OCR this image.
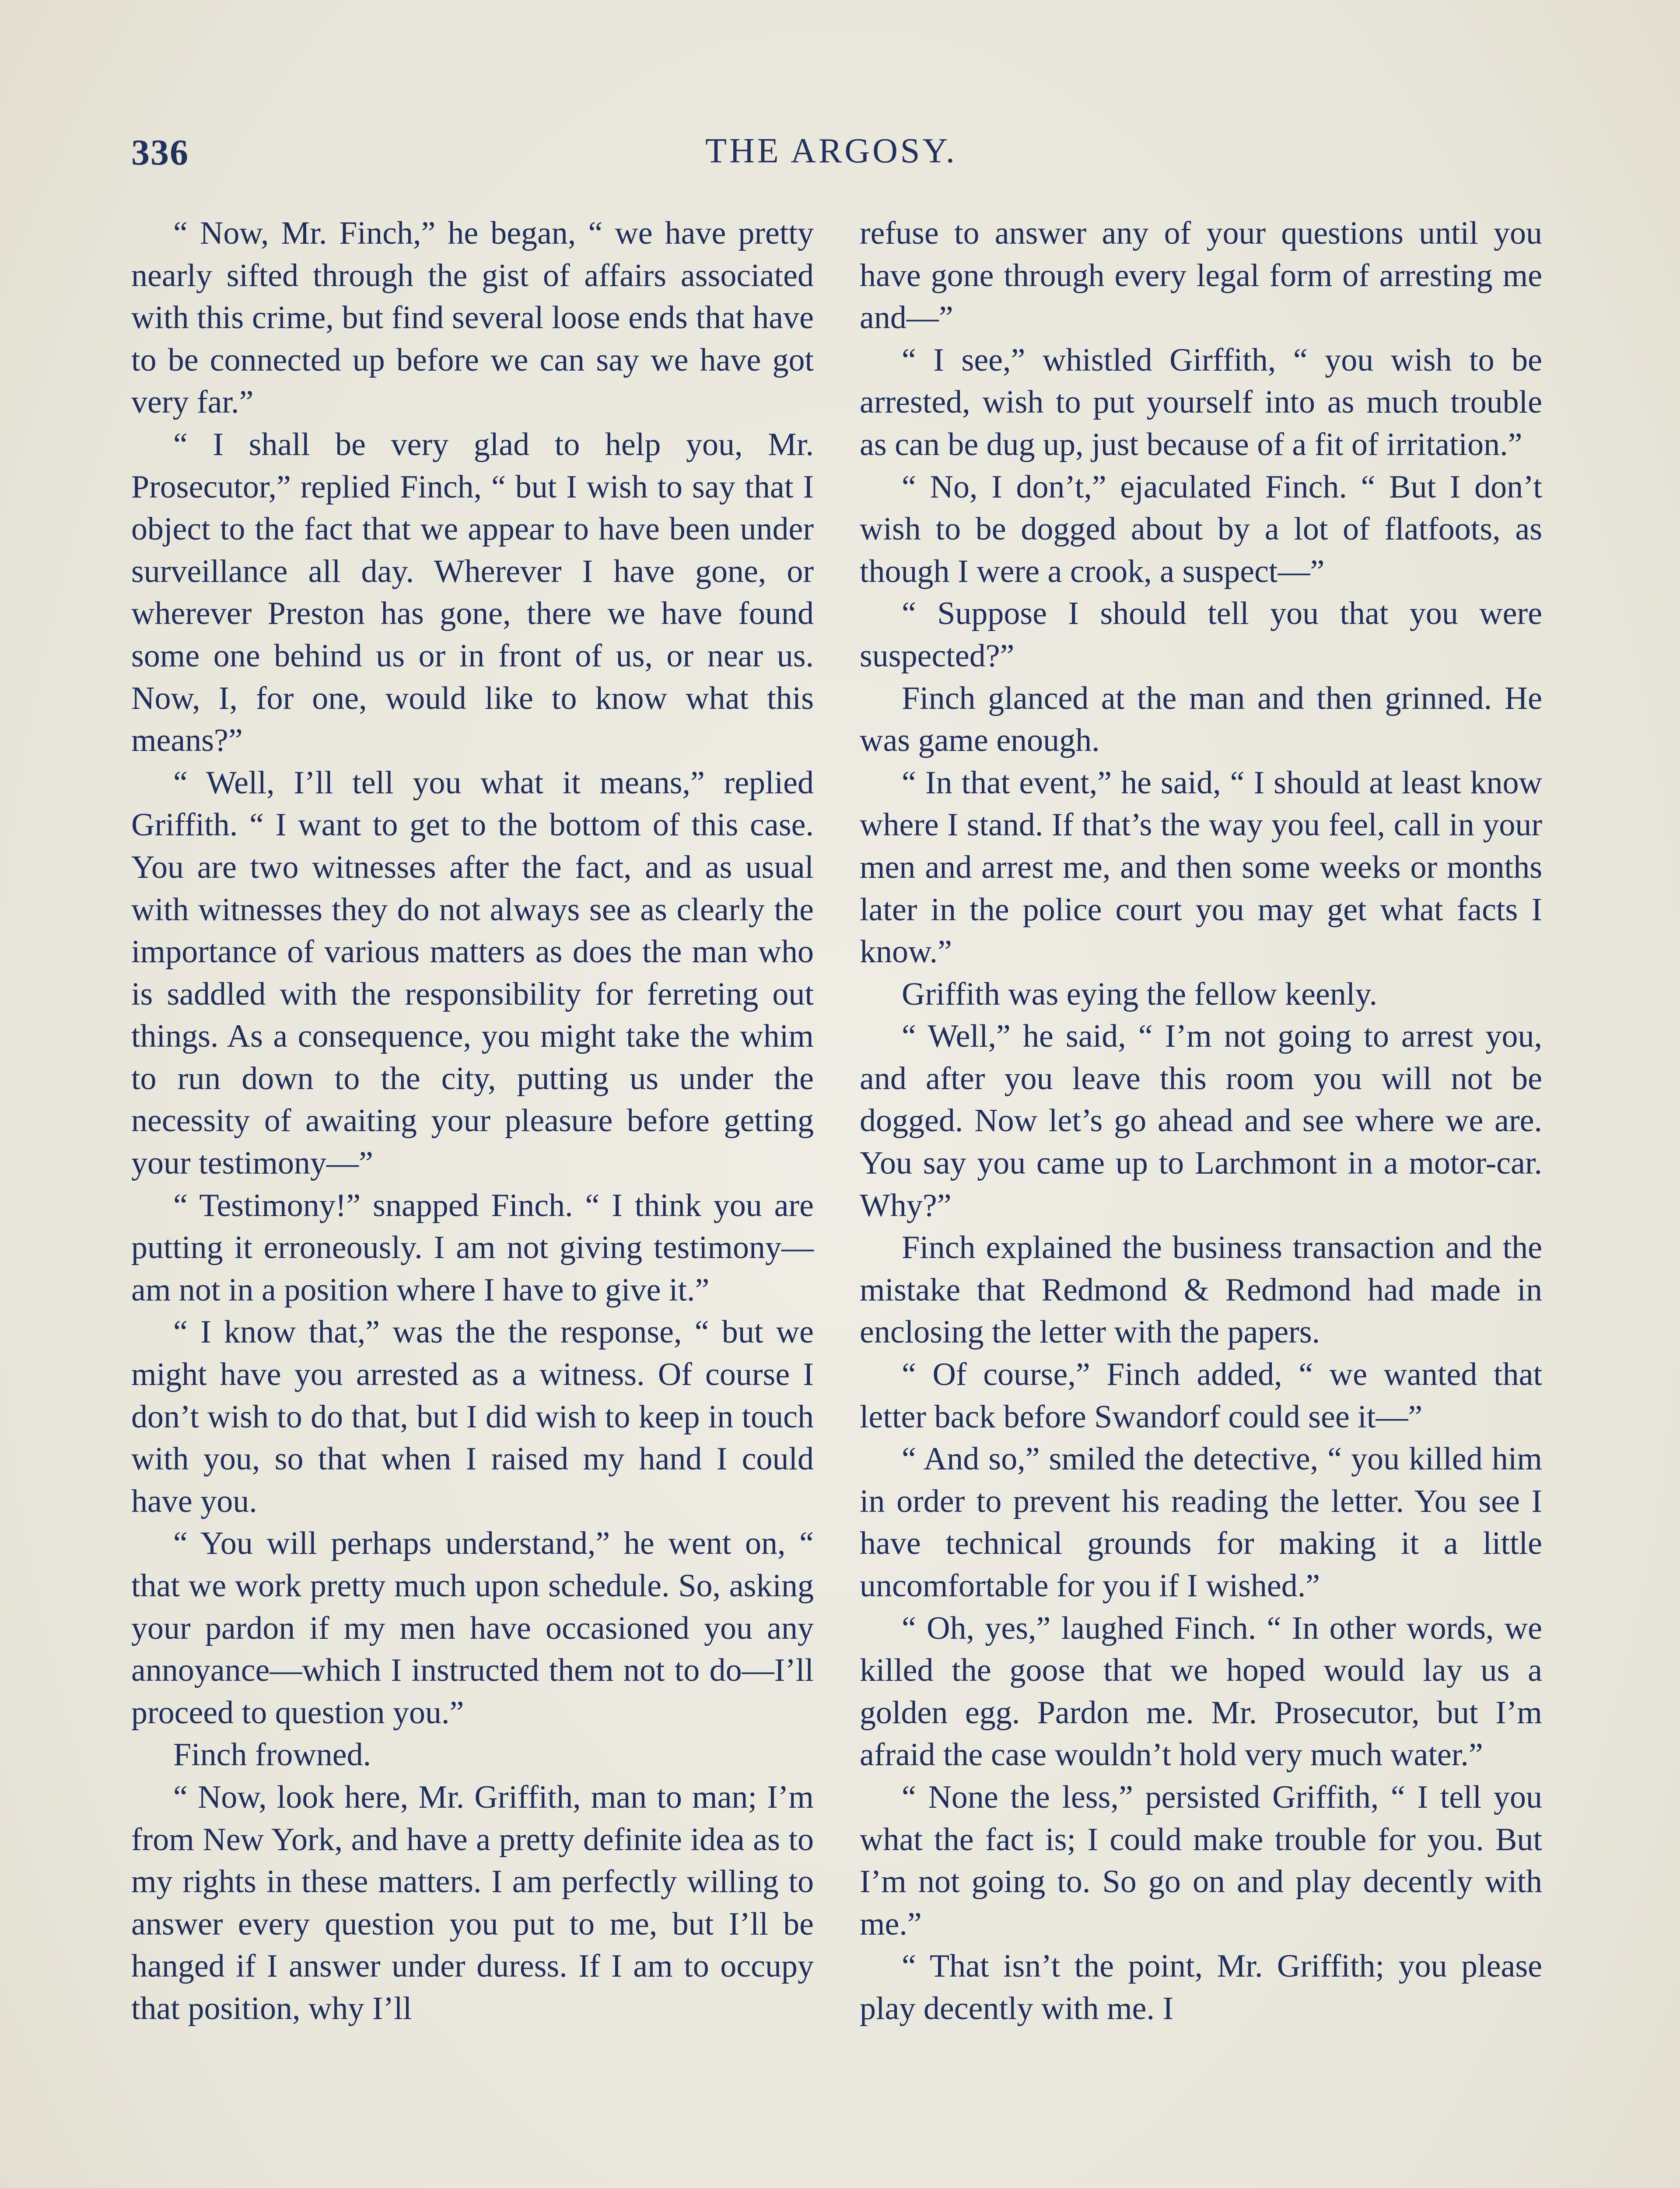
336	THE ARGOSY.

“ Now, Mr. Finch,” he began, “ we have pretty nearly sifted through the gist of affairs associated with this crime, but find several loose ends that have to be connected up before we can say we have got very far.”

“ I shall be very glad to help you, Mr. Prosecutor,” replied Finch, “ but I wish to say that I object to the fact that we appear to have been under surveillance all day. Wherever I have gone, or wherever Preston has gone, there we have found some one behind us or in front of us, or near us. Now, I, for one, would like to know what this means?”

“ Well, I’ll tell you what it means,” replied Griffith. “ I want to get to the bottom of this case. You are two witnesses after the fact, and as usual with witnesses they do not always see as clearly the importance of various matters as does the man who is saddled with the responsibility for ferreting out things. As a consequence, you might take the whim to run down to the city, putting us under the necessity of awaiting your pleasure before getting your testimony—”

“ Testimony!” snapped Finch. “ I think you are putting it erroneously. I am not giving testimony—am not in a position where I have to give it.”

“ I know that,” was the the response, “ but we might have you arrested as a witness. Of course I don’t wish to do that, but I did wish to keep in touch with you, so that when I raised my hand I could have you.

“ You will perhaps understand,” he went on, “ that we work pretty much upon schedule. So, asking your pardon if my men have occasioned you any annoyance—which I instructed them not to do—I’ll proceed to question you.”

Finch frowned.

“ Now, look here, Mr. Griffith, man to man; I’m from New York, and have a pretty definite idea as to my rights in these matters. I am perfectly willing to answer every question you put to me, but I’ll be hanged if I answer under duress. If I am to occupy that position, why I’ll

refuse to answer any of your questions until you have gone through every legal form of arresting me and—”

“ I see,” whistled Girffith, “ you wish to be arrested, wish to put yourself into as much trouble as can be dug up, just because of a fit of irritation.”

“ No, I don’t,” ejaculated Finch. “ But I don’t wish to be dogged about by a lot of flatfoots, as though I were a crook, a suspect—”

“ Suppose I should tell you that you were suspected?”

Finch glanced at the man and then grinned. He was game enough.

“ In that event,” he said, “ I should at least know where I stand. If that’s the way you feel, call in your men and arrest me, and then some weeks or months later in the police court you may get what facts I know.”

Griffith was eying the fellow keenly.

“ Well,” he said, “ I’m not going to arrest you, and after you leave this room you will not be dogged. Now let’s go ahead and see where we are. You say you came up to Larchmont in a motor-car. Why?”

Finch explained the business transaction and the mistake that Redmond & Redmond had made in enclosing the letter with the papers.

“ Of course,” Finch added, “ we wanted that letter back before Swandorf could see it—”

“ And so,” smiled the detective, “ you killed him in order to prevent his reading the letter. You see I have technical grounds for making it a little uncomfortable for you if I wished.”

“ Oh, yes,” laughed Finch. “ In other words, we killed the goose that we hoped would lay us a golden egg. Pardon me. Mr. Prosecutor, but I’m afraid the case wouldn’t hold very much water.”

“ None the less,” persisted Griffith, “ I tell you what the fact is; I could make trouble for you. But I’m not going to. So go on and play decently with me.”

“ That isn’t the point, Mr. Griffith; you please play decently with me. I
